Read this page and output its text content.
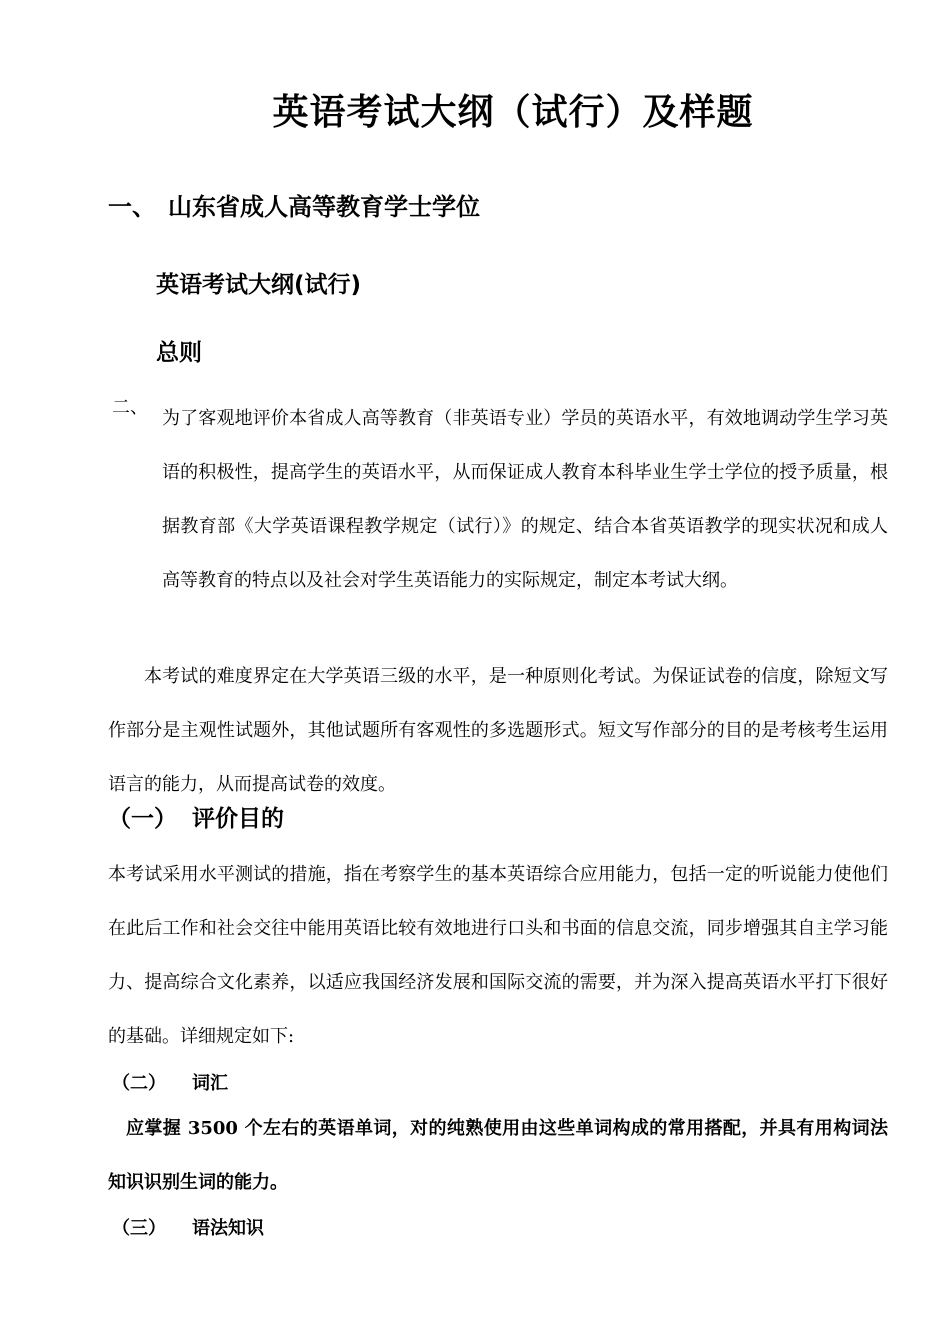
英语考试大纲（试行）及样题
一、 山东省成人高等教育学士学位
英语考试大纲(试行)
总则
二、

为了客观地评价本省成人高等教育（非英语专业）学员的英语水平，有效地调动学生学习英语的积极性，提高学生的英语水平，从而保证成人教育本科毕业生学士学位的授予质量，根据教育部《大学英语课程教学规定（试行）》的规定、结合本省英语教学的现实状况和成人高等教育的特点以及社会对学生英语能力的实际规定，制定本考试大纲。

本考试的难度界定在大学英语三级的水平，是一种原则化考试。为保证试卷的信度，除短文写作部分是主观性试题外，其他试题所有客观性的多选题形式。短文写作部分的目的是考核考生运用语言的能力，从而提高试卷的效度。

（一） 评价目的

本考试采用水平测试的措施，指在考察学生的基本英语综合应用能力，包括一定的听说能力使他们在此后工作和社会交往中能用英语比较有效地进行口头和书面的信息交流，同步增强其自主学习能力、提高综合文化素养，以适应我国经济发展和国际交流的需要，并为深入提高英语水平打下很好的基础。详细规定如下:

（二） 词汇

应掌握 3500 个左右的英语单词，对的纯熟使用由这些单词构成的常用搭配，并具有用构词法知识识别生词的能力。

（三） 语法知识
